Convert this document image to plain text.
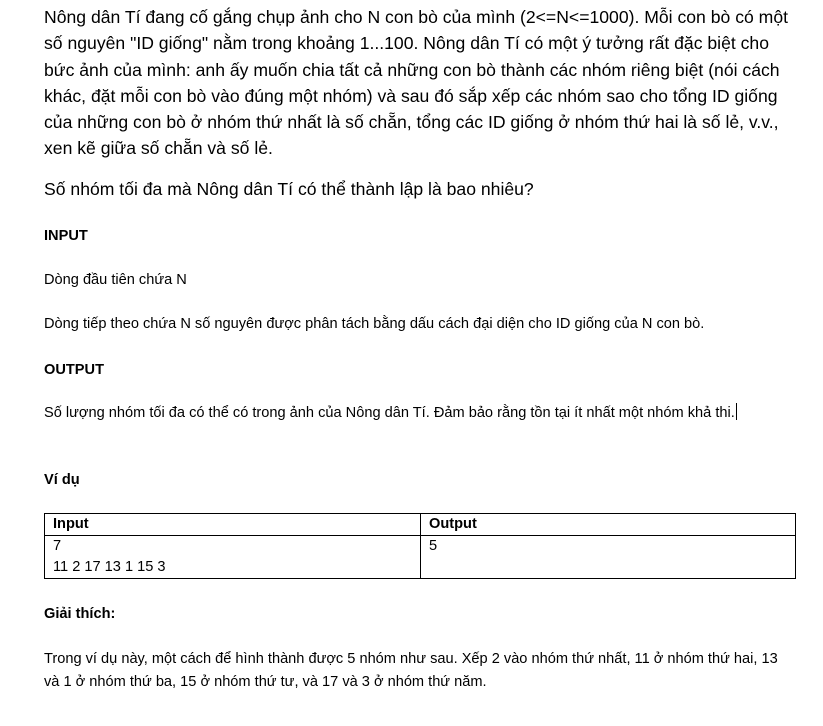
Nông dân Tí đang cố gắng chụp ảnh cho N con bò của mình (2<=N<=1000). Mỗi con bò có một số nguyên "ID giống" nằm trong khoảng 1...100. Nông dân Tí có một ý tưởng rất đặc biệt cho bức ảnh của mình: anh ấy muốn chia tất cả những con bò thành các nhóm riêng biệt (nói cách khác, đặt mỗi con bò vào đúng một nhóm) và sau đó sắp xếp các nhóm sao cho tổng ID giống của những con bò ở nhóm thứ nhất là số chẵn, tổng các ID giống ở nhóm thứ hai là số lẻ, v.v., xen kẽ giữa số chẵn và số lẻ.

Số nhóm tối đa mà Nông dân Tí có thể thành lập là bao nhiêu?

INPUT

Dòng đầu tiên chứa N

Dòng tiếp theo chứa N số nguyên được phân tách bằng dấu cách đại diện cho ID giống của N con bò.

OUTPUT

Số lượng nhóm tối đa có thể có trong ảnh của Nông dân Tí. Đảm bảo rằng tồn tại ít nhất một nhóm khả thi.

Ví dụ

Input	Output

7
11 2 17 13 1 15 3	5

Giải thích:

Trong ví dụ này, một cách để hình thành được 5 nhóm như sau. Xếp 2 vào nhóm thứ nhất, 11 ở nhóm thứ hai, 13 và 1 ở nhóm thứ ba, 15 ở nhóm thứ tư, và 17 và 3 ở nhóm thứ năm.
